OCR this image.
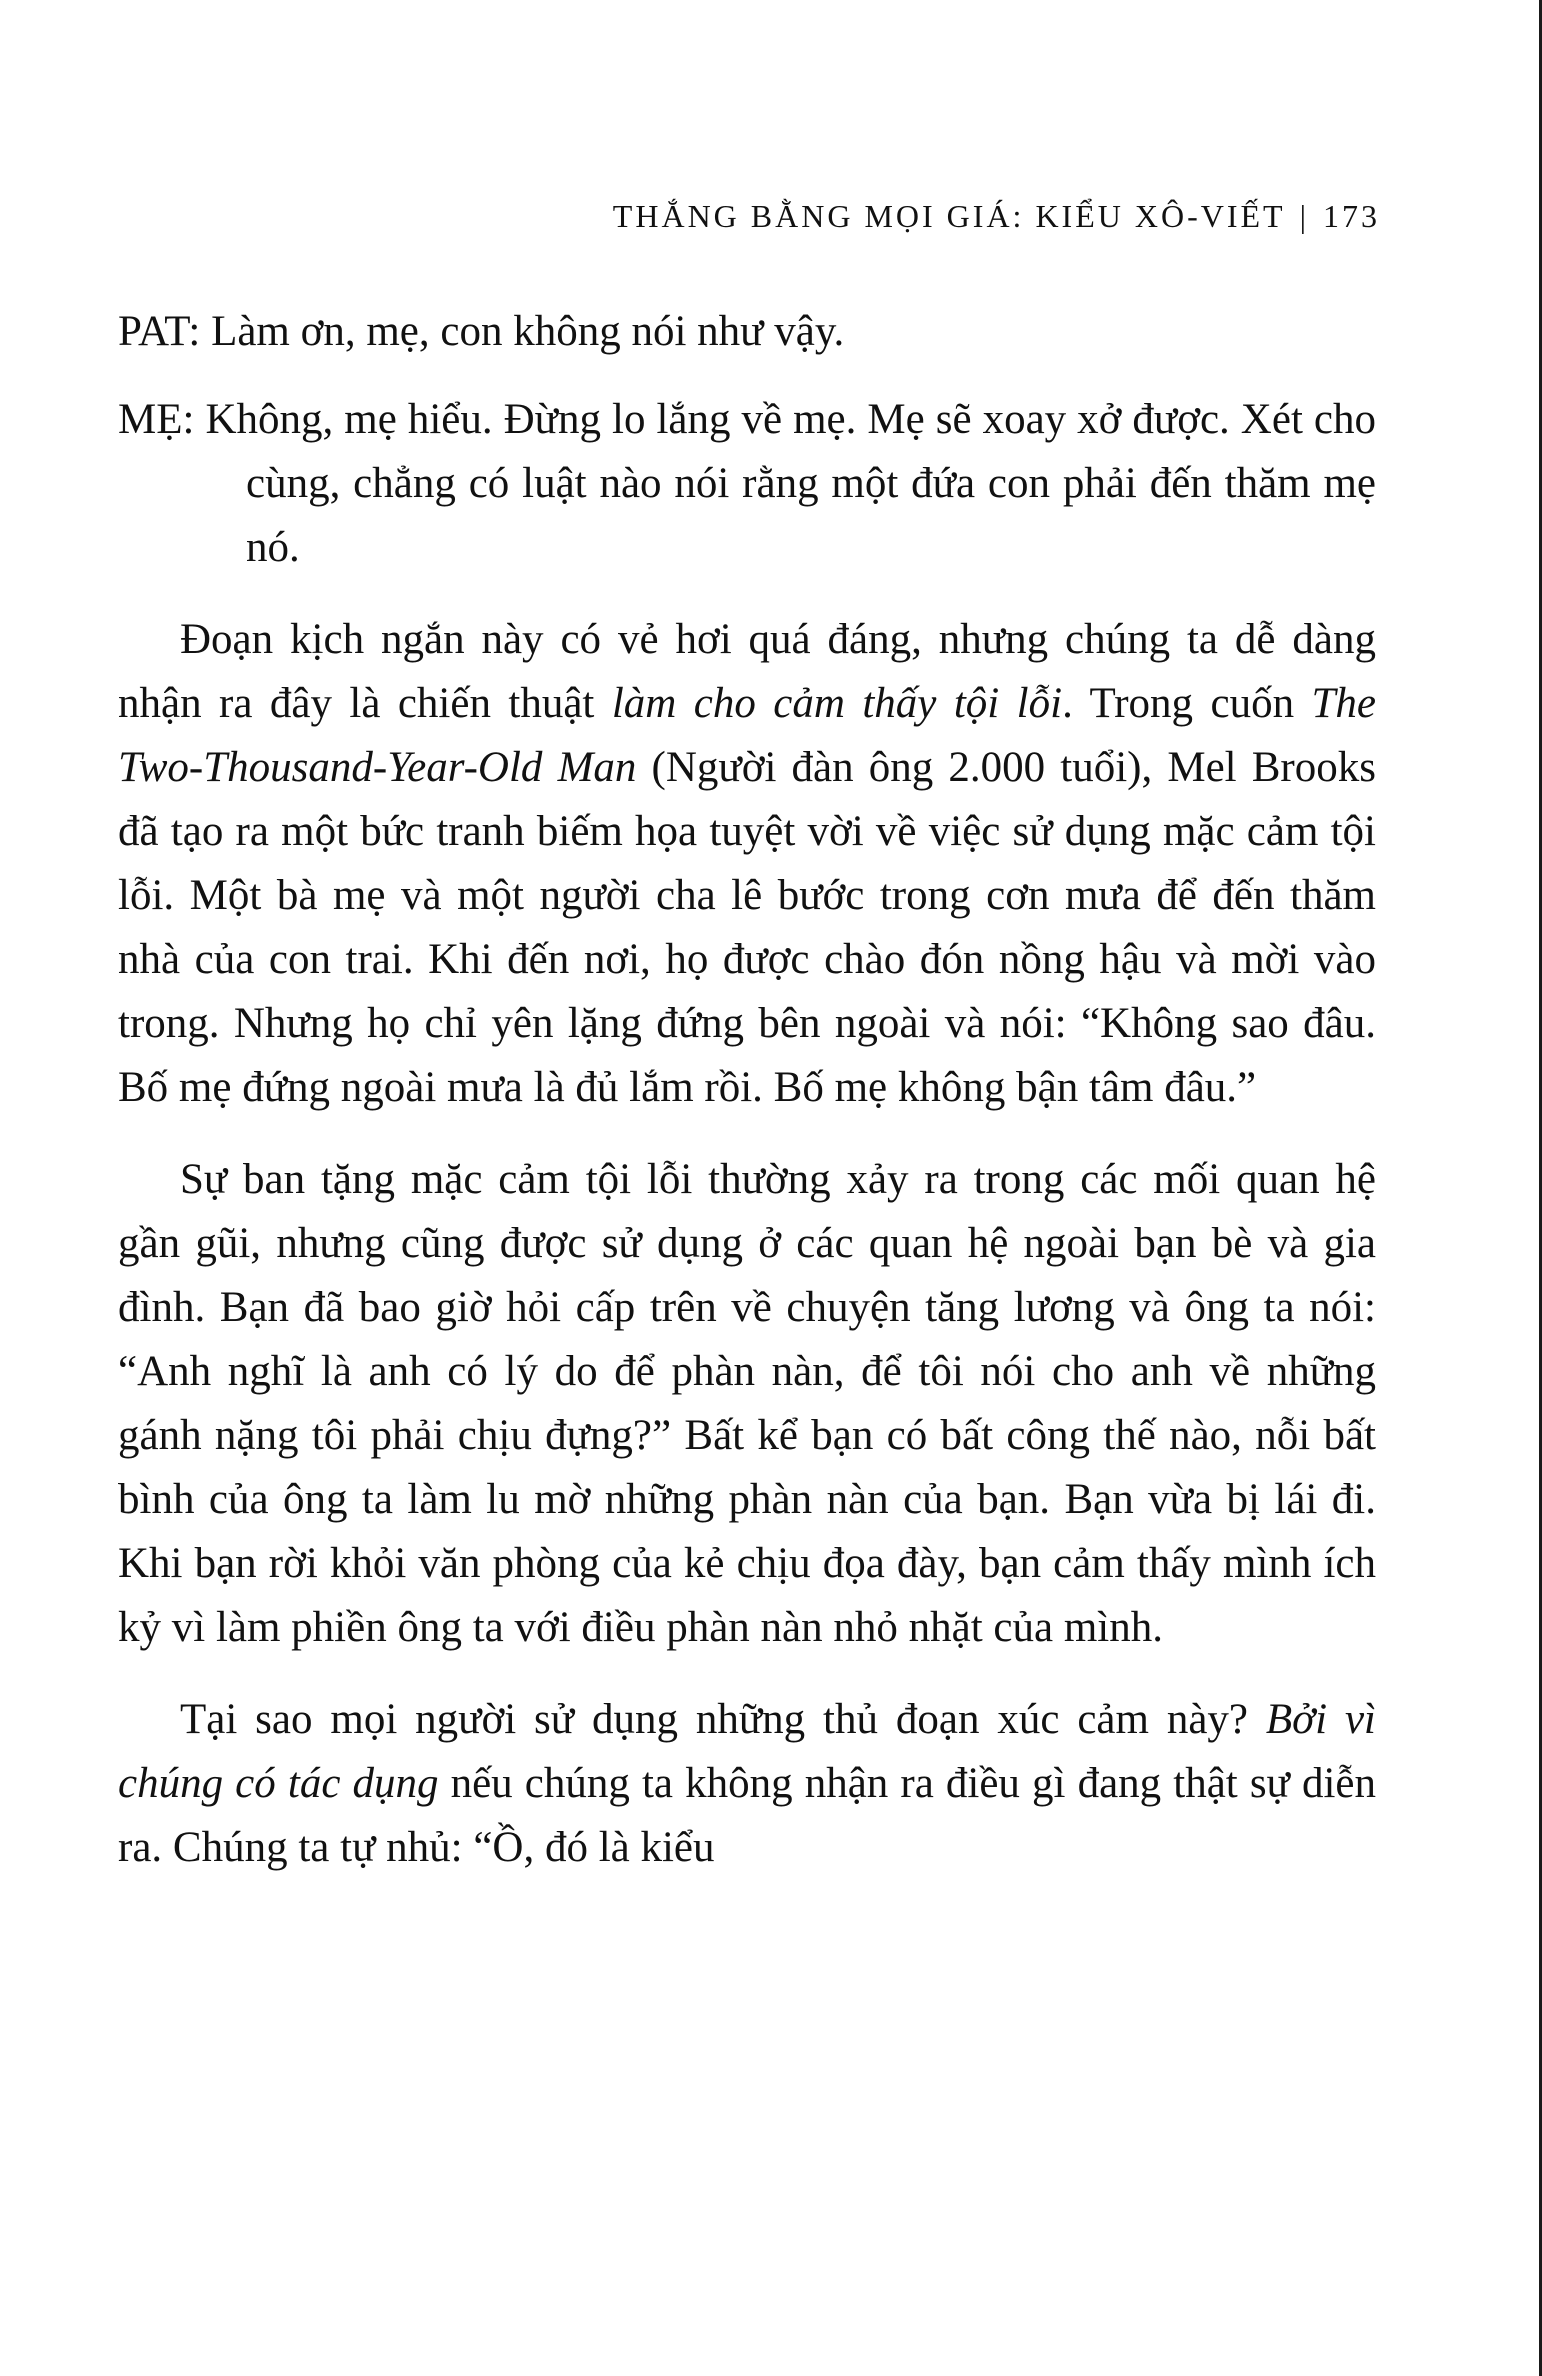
THẮNG BẰNG MỌI GIÁ: KIỂU XÔ-VIẾT | 173

PAT: Làm ơn, mẹ, con không nói như vậy.

MẸ: Không, mẹ hiểu. Đừng lo lắng về mẹ. Mẹ sẽ xoay xở được. Xét cho cùng, chẳng có luật nào nói rằng một đứa con phải đến thăm mẹ nó.

Đoạn kịch ngắn này có vẻ hơi quá đáng, nhưng chúng ta dễ dàng nhận ra đây là chiến thuật làm cho cảm thấy tội lỗi. Trong cuốn The Two-Thousand-Year-Old Man (Người đàn ông 2.000 tuổi), Mel Brooks đã tạo ra một bức tranh biếm họa tuyệt vời về việc sử dụng mặc cảm tội lỗi. Một bà mẹ và một người cha lê bước trong cơn mưa để đến thăm nhà của con trai. Khi đến nơi, họ được chào đón nồng hậu và mời vào trong. Nhưng họ chỉ yên lặng đứng bên ngoài và nói: “Không sao đâu. Bố mẹ đứng ngoài mưa là đủ lắm rồi. Bố mẹ không bận tâm đâu.”

Sự ban tặng mặc cảm tội lỗi thường xảy ra trong các mối quan hệ gần gũi, nhưng cũng được sử dụng ở các quan hệ ngoài bạn bè và gia đình. Bạn đã bao giờ hỏi cấp trên về chuyện tăng lương và ông ta nói: “Anh nghĩ là anh có lý do để phàn nàn, để tôi nói cho anh về những gánh nặng tôi phải chịu đựng?” Bất kể bạn có bất công thế nào, nỗi bất bình của ông ta làm lu mờ những phàn nàn của bạn. Bạn vừa bị lái đi. Khi bạn rời khỏi văn phòng của kẻ chịu đọa đày, bạn cảm thấy mình ích kỷ vì làm phiền ông ta với điều phàn nàn nhỏ nhặt của mình.

Tại sao mọi người sử dụng những thủ đoạn xúc cảm này? Bởi vì chúng có tác dụng nếu chúng ta không nhận ra điều gì đang thật sự diễn ra. Chúng ta tự nhủ: “Ồ, đó là kiểu
